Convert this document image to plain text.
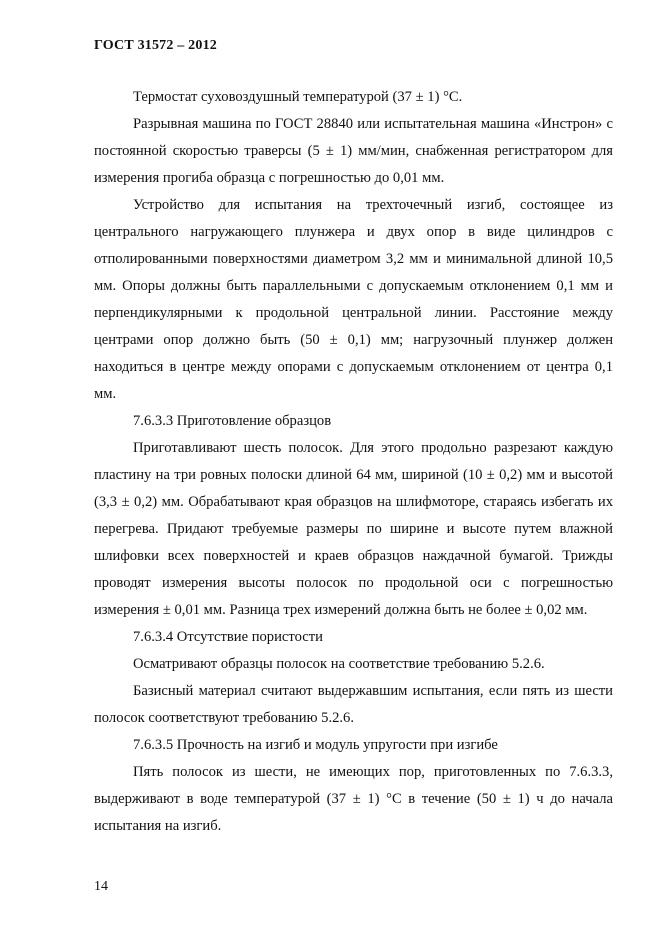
ГОСТ 31572 – 2012

Термостат суховоздушный температурой (37 ± 1) °С.

Разрывная машина по ГОСТ 28840 или испытательная машина «Инстрон» с постоянной скоростью траверсы (5 ± 1) мм/мин, снабженная регистратором для измерения прогиба образца с погрешностью до 0,01 мм.

Устройство для испытания на трехточечный изгиб, состоящее из центрального нагружающего плунжера и двух опор в виде цилиндров с отполированными поверхностями диаметром 3,2 мм и минимальной длиной 10,5 мм. Опоры должны быть параллельными с допускаемым отклонением 0,1 мм и перпендикулярными к продольной центральной линии. Расстояние между центрами опор должно быть (50 ± 0,1) мм; нагрузочный плунжер должен находиться в центре между опорами с допускаемым отклонением от центра 0,1 мм.

7.6.3.3 Приготовление образцов

Приготавливают шесть полосок. Для этого продольно разрезают каждую пластину на три ровных полоски длиной 64 мм, шириной (10 ± 0,2) мм и высотой (3,3 ± 0,2) мм. Обрабатывают края образцов на шлифмоторе, стараясь избегать их перегрева. Придают требуемые размеры по ширине и высоте путем влажной шлифовки всех поверхностей и краев образцов наждачной бумагой. Трижды проводят измерения высоты полосок по продольной оси с погрешностью измерения ± 0,01 мм. Разница трех измерений должна быть не более ± 0,02 мм.

7.6.3.4 Отсутствие пористости

Осматривают образцы полосок на соответствие требованию 5.2.6.

Базисный материал считают выдержавшим испытания, если пять из шести полосок соответствуют требованию 5.2.6.

7.6.3.5 Прочность на изгиб и модуль упругости при изгибе

Пять полосок из шести, не имеющих пор, приготовленных по 7.6.3.3, выдерживают в воде температурой (37 ± 1) °С в течение (50 ± 1) ч до начала испытания на изгиб.

14
